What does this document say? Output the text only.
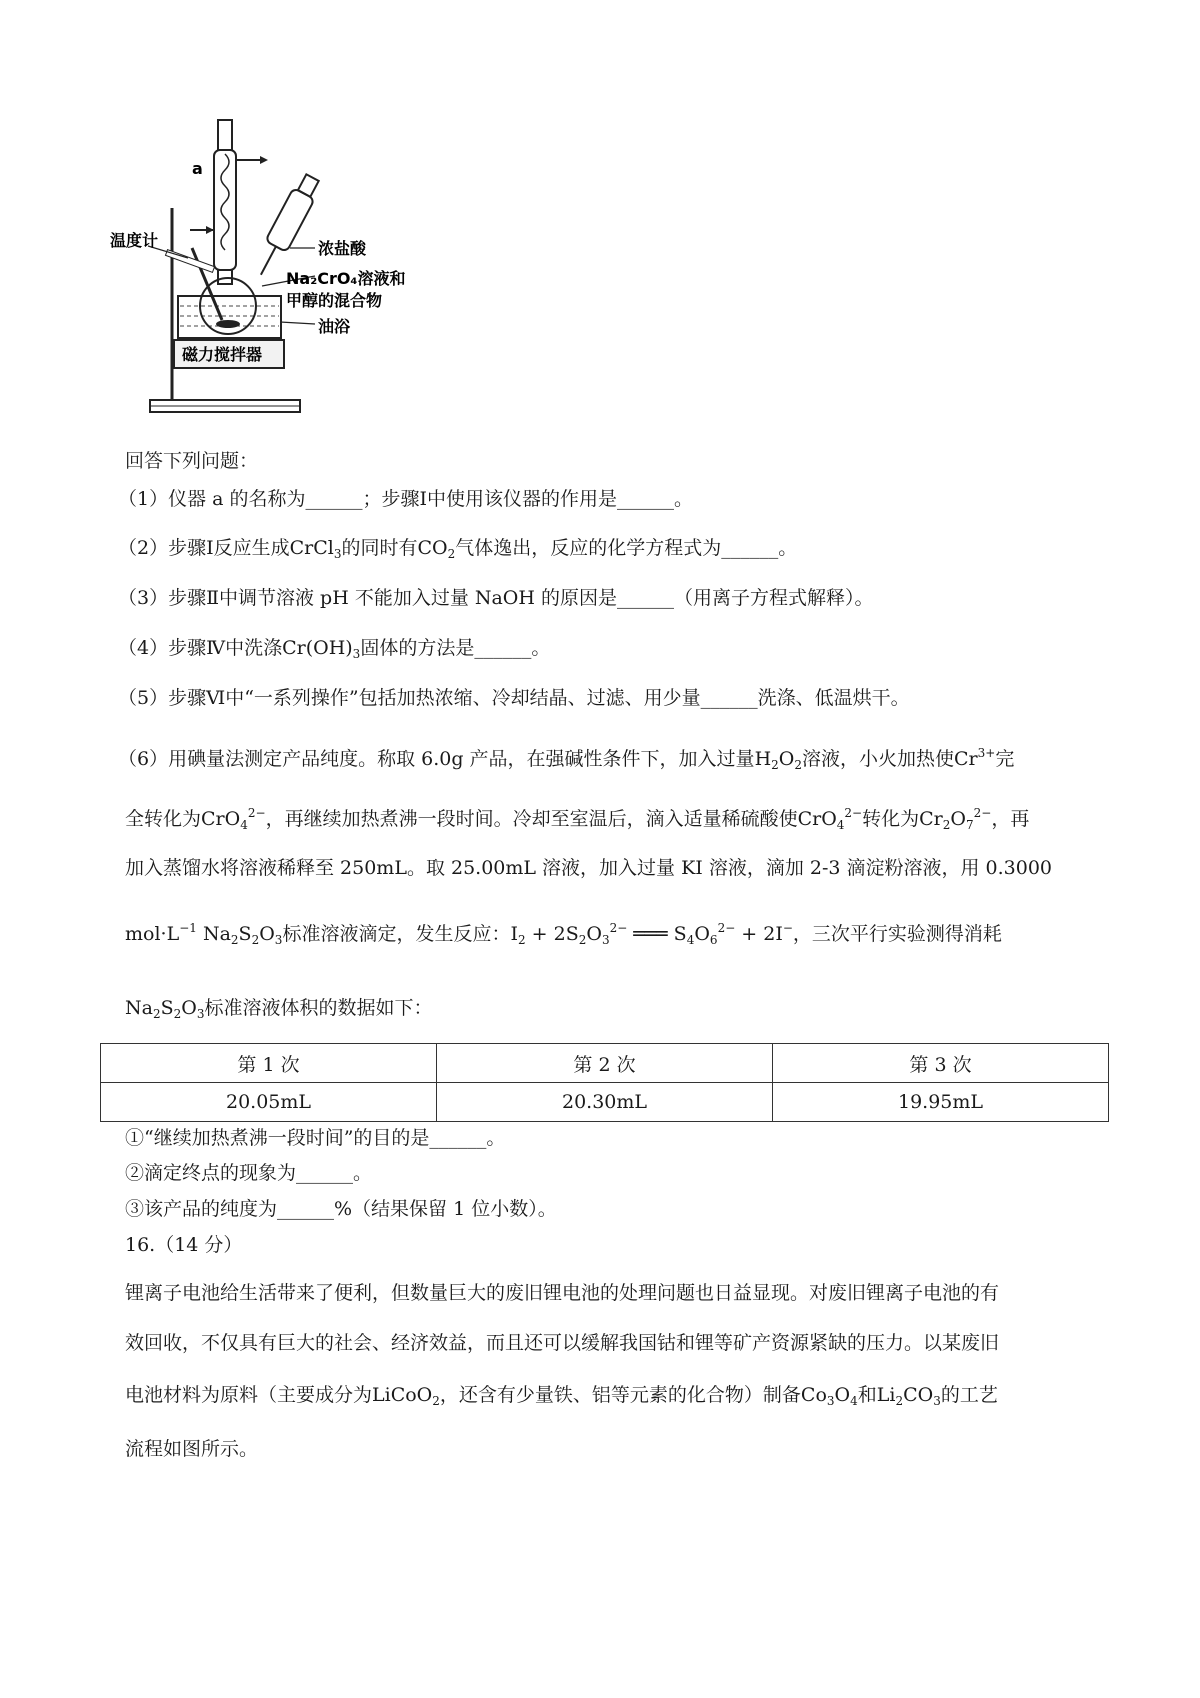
a
温度计	浓盐酸
Na₂CrO₄溶液和
甲醇的混合物
油浴
磁力搅拌器
回答下列问题：
（1）仪器 a 的名称为______；步骤Ⅰ中使用该仪器的作用是______。
（2）步骤Ⅰ反应生成CrCl$_3$的同时有$CO_2$气体逸出，反应的化学方程式为______。
（3）步骤Ⅱ中调节溶液 pH 不能加入过量 NaOH 的原因是______（用离子方程式解释）。
（4）步骤Ⅳ中洗涤$Cr(OH)_3$固体的方法是______。
（5）步骤Ⅵ中“一系列操作”包括加热浓缩、冷却结晶、过滤、用少量______洗涤、低温烘干。
（6）用碘量法测定产品纯度。称取 6.0g 产品，在强碱性条件下，加入过量$H_2O_2$溶液，小火加热使$Cr^{3+}$完
全转化为CrO$_4^{2-}$，再继续加热煮沸一段时间。冷却至室温后，滴入适量稀硫酸使CrO$_4^{2-}$转化为$Cr_2O_7^{2-}$，再
加入蒸馏水将溶液稀释至 250mL。取 25.00mL 溶液，加入过量 KI 溶液，滴加 2-3 滴淀粉溶液，用 0.3000
$mol\cdot L^{-1}$ $Na_2S_2O_3$标准溶液滴定，发生反应：$I_2 + 2S_2O_3^{2-}$ ═══ $S_4O_6^{2-} + 2I^-$，三次平行实验测得消耗
$Na_2S_2O_3$标准溶液体积的数据如下：
第 1 次	第 2 次	第 3 次
20.05mL	20.30mL	19.95mL
①“继续加热煮沸一段时间”的目的是______。
②滴定终点的现象为______。
③该产品的纯度为______%（结果保留 1 位小数）。
16.（14 分）
锂离子电池给生活带来了便利，但数量巨大的废旧锂电池的处理问题也日益显现。对废旧锂离子电池的有
效回收，不仅具有巨大的社会、经济效益，而且还可以缓解我国钴和锂等矿产资源紧缺的压力。以某废旧
电池材料为原料（主要成分为LiCoO$_2$，还含有少量铁、铝等元素的化合物）制备$Co_3O_4$和$Li_2CO_3$的工艺
流程如图所示。
